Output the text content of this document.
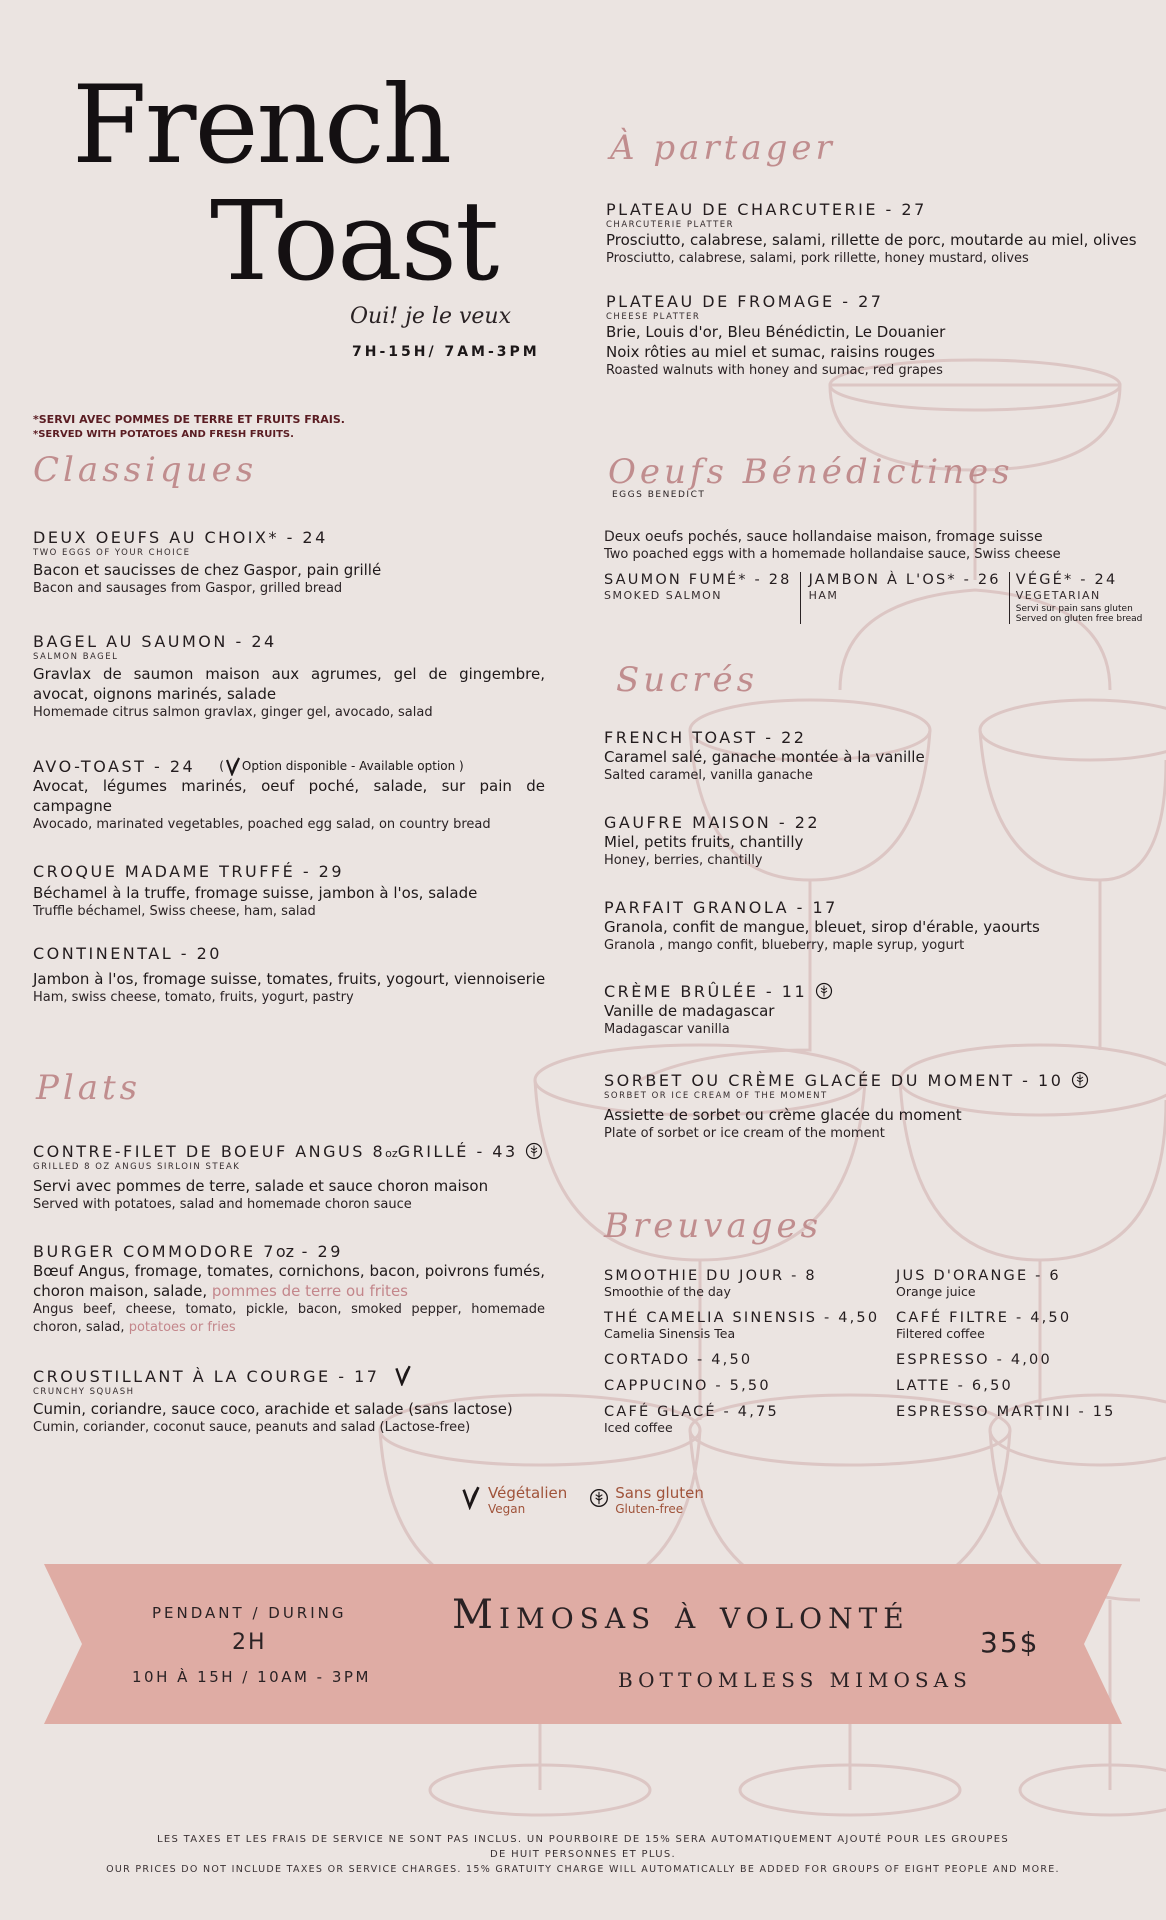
French
Toast
Oui! je le veux
7H-15H/ 7AM-3PM
*SERVI AVEC POMMES DE TERRE ET FRUITS FRAIS.
*SERVED WITH POTATOES AND FRESH FRUITS.
À partager
PLATEAU DE CHARCUTERIE - 27
CHARCUTERIE PLATTER
Prosciutto, calabrese, salami, rillette de porc, moutarde au miel, olives
Prosciutto, calabrese, salami, pork rillette, honey mustard, olives
PLATEAU DE FROMAGE - 27
CHEESE PLATTER
Brie, Louis d'or, Bleu Bénédictin, Le Douanier
Noix rôties au miel et sumac, raisins rouges
Roasted walnuts with honey and sumac, red grapes
Classiques
DEUX OEUFS AU CHOIX* - 24
TWO EGGS OF YOUR CHOICE
Bacon et saucisses de chez Gaspor, pain grillé
Bacon and sausages from Gaspor, grilled bread
BAGEL AU SAUMON - 24
SALMON BAGEL
Gravlax de saumon maison aux agrumes, gel de gingembre, avocat, oignons marinés, salade
Homemade citrus salmon gravlax, ginger gel, avocado, salad
AVO-TOAST - 24 ( Option disponible - Available option )
Avocat, légumes marinés, oeuf poché, salade, sur pain de campagne
Avocado, marinated vegetables, poached egg salad, on country bread
CROQUE MADAME TRUFFÉ - 29
Béchamel à la truffe, fromage suisse, jambon à l'os, salade
Truffle béchamel, Swiss cheese, ham, salad
CONTINENTAL - 20
Jambon à l'os, fromage suisse, tomates, fruits, yogourt, viennoiserie
Ham, swiss cheese, tomato, fruits, yogurt, pastry
Plats
CONTRE-FILET DE BOEUF ANGUS 8ozGRILLÉ - 43
GRILLED 8 OZ ANGUS SIRLOIN STEAK
Servi avec pommes de terre, salade et sauce choron maison
Served with potatoes, salad and homemade choron sauce
BURGER COMMODORE 7oz - 29
Bœuf Angus, fromage, tomates, cornichons, bacon, poivrons fumés, choron maison, salade, pommes de terre ou frites
Angus beef, cheese, tomato, pickle, bacon, smoked pepper, homemade choron, salad, potatoes or fries
CROUSTILLANT À LA COURGE - 17
CRUNCHY SQUASH
Cumin, coriandre, sauce coco, arachide et salade (sans lactose)
Cumin, coriander, coconut sauce, peanuts and salad (Lactose-free)
Oeufs Bénédictines
EGGS BENEDICT
Deux oeufs pochés, sauce hollandaise maison, fromage suisse
Two poached eggs with a homemade hollandaise sauce, Swiss cheese
SAUMON FUMÉ* - 28
SMOKED SALMON
JAMBON À L'OS* - 26
HAM
VÉGÉ* - 24
VEGETARIAN
Servi sur pain sans gluten
Served on gluten free bread
Sucrés
FRENCH TOAST - 22
Caramel salé, ganache montée à la vanille
Salted caramel, vanilla ganache
GAUFRE MAISON - 22
Miel, petits fruits, chantilly
Honey, berries, chantilly
PARFAIT GRANOLA - 17
Granola, confit de mangue, bleuet, sirop d'érable, yaourts
Granola , mango confit, blueberry, maple syrup, yogurt
CRÈME BRÛLÉE - 11
Vanille de madagascar
Madagascar vanilla
SORBET OU CRÈME GLACÉE DU MOMENT - 10
SORBET OR ICE CREAM OF THE MOMENT
Assiette de sorbet ou crème glacée du moment
Plate of sorbet or ice cream of the moment
Breuvages
SMOOTHIE DU JOUR - 8
Smoothie of the day
THÉ CAMELIA SINENSIS - 4,50
Camelia Sinensis Tea
CORTADO - 4,50
CAPPUCINO - 5,50
CAFÉ GLACÉ - 4,75
Iced coffee
JUS D'ORANGE - 6
Orange juice
CAFÉ FILTRE - 4,50
Filtered coffee
ESPRESSO - 4,00
LATTE - 6,50
ESPRESSO MARTINI - 15
Végétalien
Vegan
Sans gluten
Gluten-free
PENDANT / DURING
2H
10H À 15H / 10AM - 3PM
Mimosas à volonté
BOTTOMLESS MIMOSAS
35$
LES TAXES ET LES FRAIS DE SERVICE NE SONT PAS INCLUS. UN POURBOIRE DE 15% SERA AUTOMATIQUEMENT AJOUTÉ POUR LES GROUPES
DE HUIT PERSONNES ET PLUS.
OUR PRICES DO NOT INCLUDE TAXES OR SERVICE CHARGES. 15% GRATUITY CHARGE WILL AUTOMATICALLY BE ADDED FOR GROUPS OF EIGHT PEOPLE AND MORE.
